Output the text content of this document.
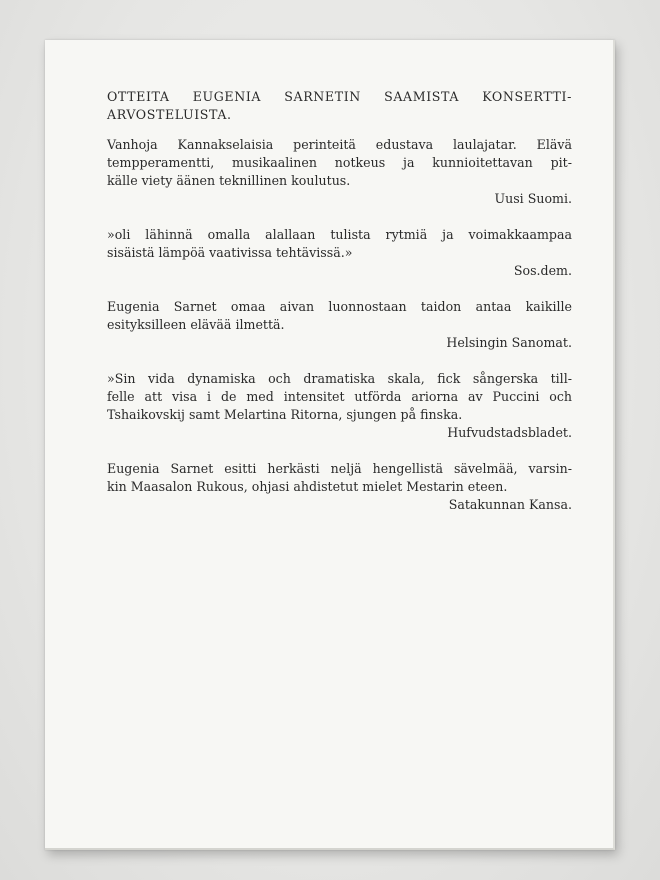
OTTEITA EUGENIA SARNETIN SAAMISTA KONSERTTI-
ARVOSTELUISTA.
Vanhoja Kannakselaisia perinteitä edustava laulajatar. Elävä
tempperamentti, musikaalinen notkeus ja kunnioitettavan pit-
källe viety äänen teknillinen koulutus.
Uusi Suomi.
»oli lähinnä omalla alallaan tulista rytmiä ja voimakkaampaa
sisäistä lämpöä vaativissa tehtävissä.»
Sos.dem.
Eugenia Sarnet omaa aivan luonnostaan taidon antaa kaikille
esityksilleen elävää ilmettä.
Helsingin Sanomat.
»Sin vida dynamiska och dramatiska skala, fick sångerska till-
felle att visa i de med intensitet utförda ariorna av Puccini och
Tshaikovskij samt Melartina Ritorna, sjungen på finska.
Hufvudstadsbladet.
Eugenia Sarnet esitti herkästi neljä hengellistä sävelmää, varsin-
kin Maasalon Rukous, ohjasi ahdistetut mielet Mestarin eteen.
Satakunnan Kansa.
